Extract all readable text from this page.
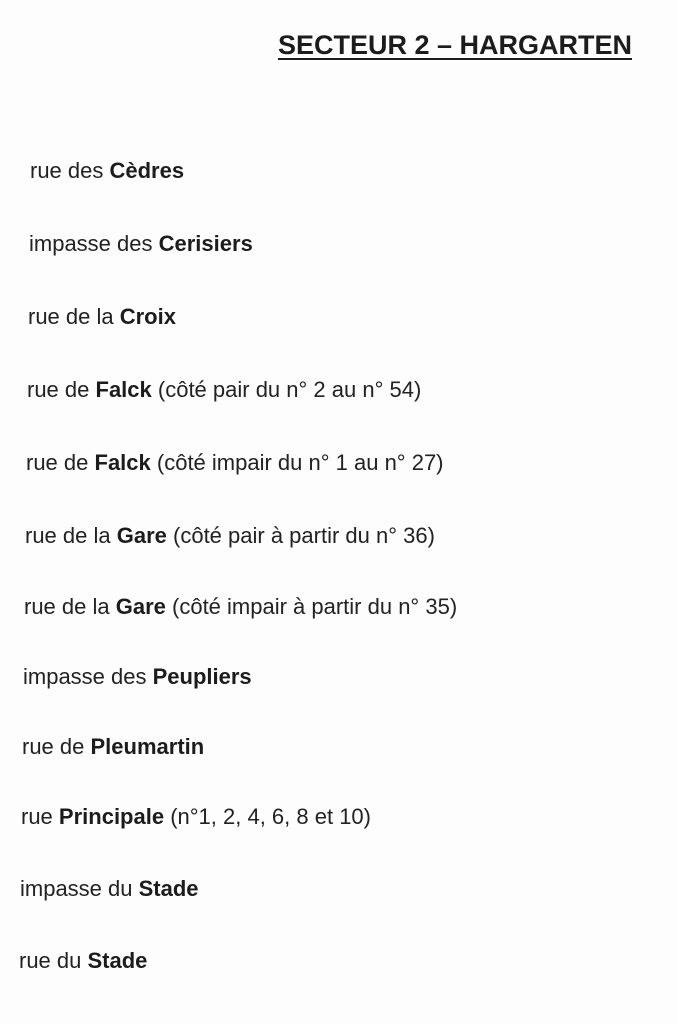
SECTEUR 2 – HARGARTEN
rue des Cèdres
impasse des Cerisiers
rue de la Croix
rue de Falck (côté pair du n° 2 au n° 54)
rue de Falck (côté impair du n° 1 au n° 27)
rue de la Gare (côté pair à partir du n° 36)
rue de la Gare (côté impair à partir du n° 35)
impasse des Peupliers
rue de Pleumartin
rue Principale (n°1, 2, 4, 6, 8 et 10)
impasse du Stade
rue du Stade
